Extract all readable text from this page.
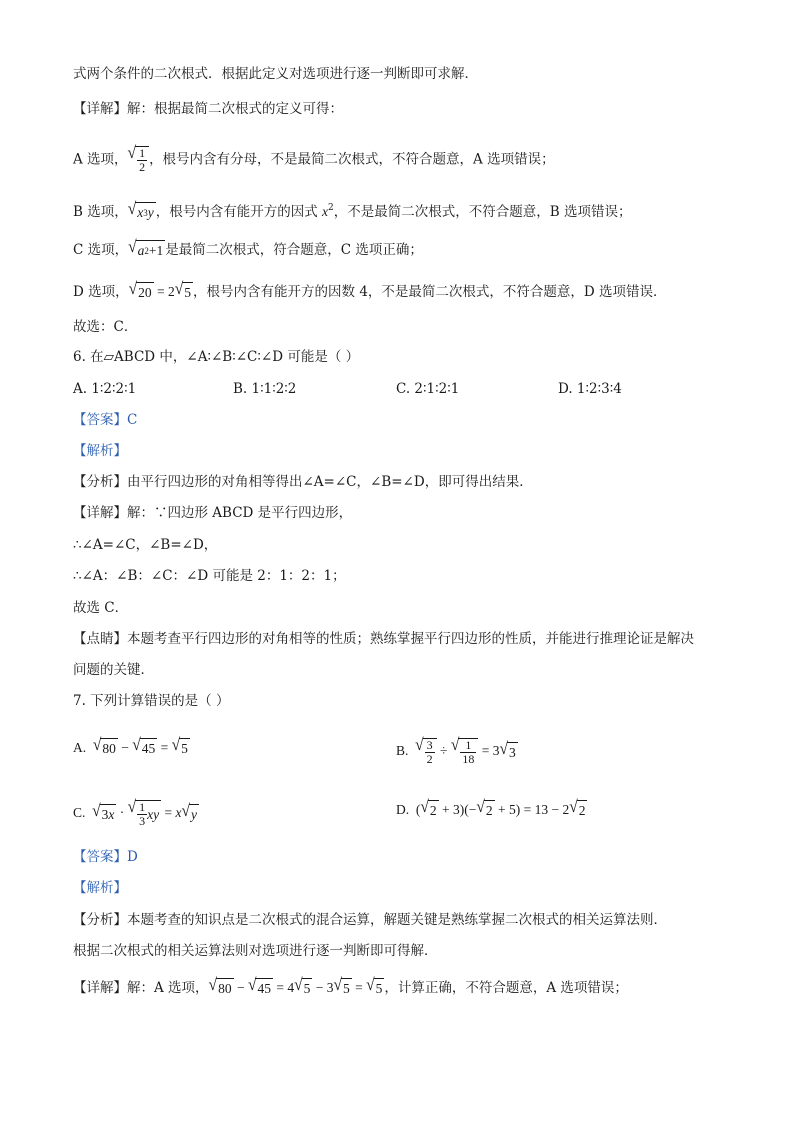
式两个条件的二次根式．根据此定义对选项进行逐一判断即可求解．
【详解】解：根据最简二次根式的定义可得：
A 选项， √ $\frac{1}{2}$ ，根号内含有分母，不是最简二次根式，不符合题意，A 选项错误；
B 选项， √ x 3 y ，根号内含有能开方的因式 $x^2$，不是最简二次根式，不符合题意，B 选项错误；
C 选项， √ a 2 +1 是最简二次根式，符合题意，C 选项正确；
D 选项， √ 20 = 2 √ 5 ，根号内含有能开方的因数 4，不是最简二次根式，不符合题意，D 选项错误．
故选：C．
6. 在▱ABCD 中，∠A∶∠B∶∠C∶∠D 可能是（ ）
A. 1∶2∶2∶1	B. 1∶1∶2∶2	C. 2∶1∶2∶1	D. 1∶2∶3∶4
【答案】C
【解析】
【分析】由平行四边形的对角相等得出∠A=∠C，∠B=∠D，即可得出结果．
【详解】解：∵四边形 ABCD 是平行四边形，
∴∠A=∠C，∠B=∠D，
∴∠A：∠B：∠C：∠D 可能是 2：1：2：1；
故选 C．
【点睛】本题考查平行四边形的对角相等的性质；熟练掌握平行四边形的性质，并能进行推理论证是解决
问题的关键．
7. 下列计算错误的是（ ）
A. √ 80 − √ 45 = √ 5	B. √ $\frac{3}{2}$ ÷ √ $\frac{1}{18} = 3$ √ 3
C. √ 3 x · √ $\frac{1}{3}$ xy = x √ y	D.  ( √ 2 + 3)(− √ 2 + 5) = 13 − 2 √ 2
【答案】D
【解析】
【分析】本题考查的知识点是二次根式的混合运算，解题关键是熟练掌握二次根式的相关运算法则．
根据二次根式的相关运算法则对选项进行逐一判断即可得解．
【详解】解：A 选项， √ 80 − √ 45 = 4 √ 5 − 3 √ 5 = √ 5 ，计算正确，不符合题意，A 选项错误；
